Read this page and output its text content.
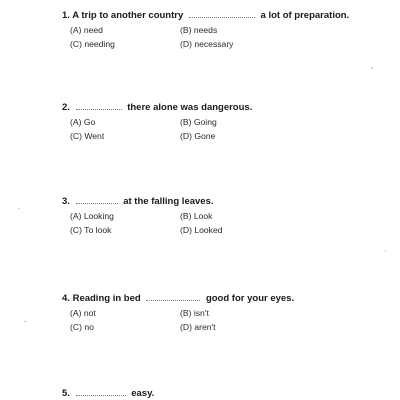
1. A trip to another country	a lot of preparation.
(A) need	(B) needs
(C) needing	(D) necessary
2.	there alone was dangerous.
(A) Go	(B) Going
(C) Went	(D) Gone
3.	at the falling leaves.
(A) Looking	(B) Look
(C) To look	(D) Looked
4. Reading in bed	good for your eyes.
(A) not	(B) isn't
(C) no	(D) aren't
5.	easy.
